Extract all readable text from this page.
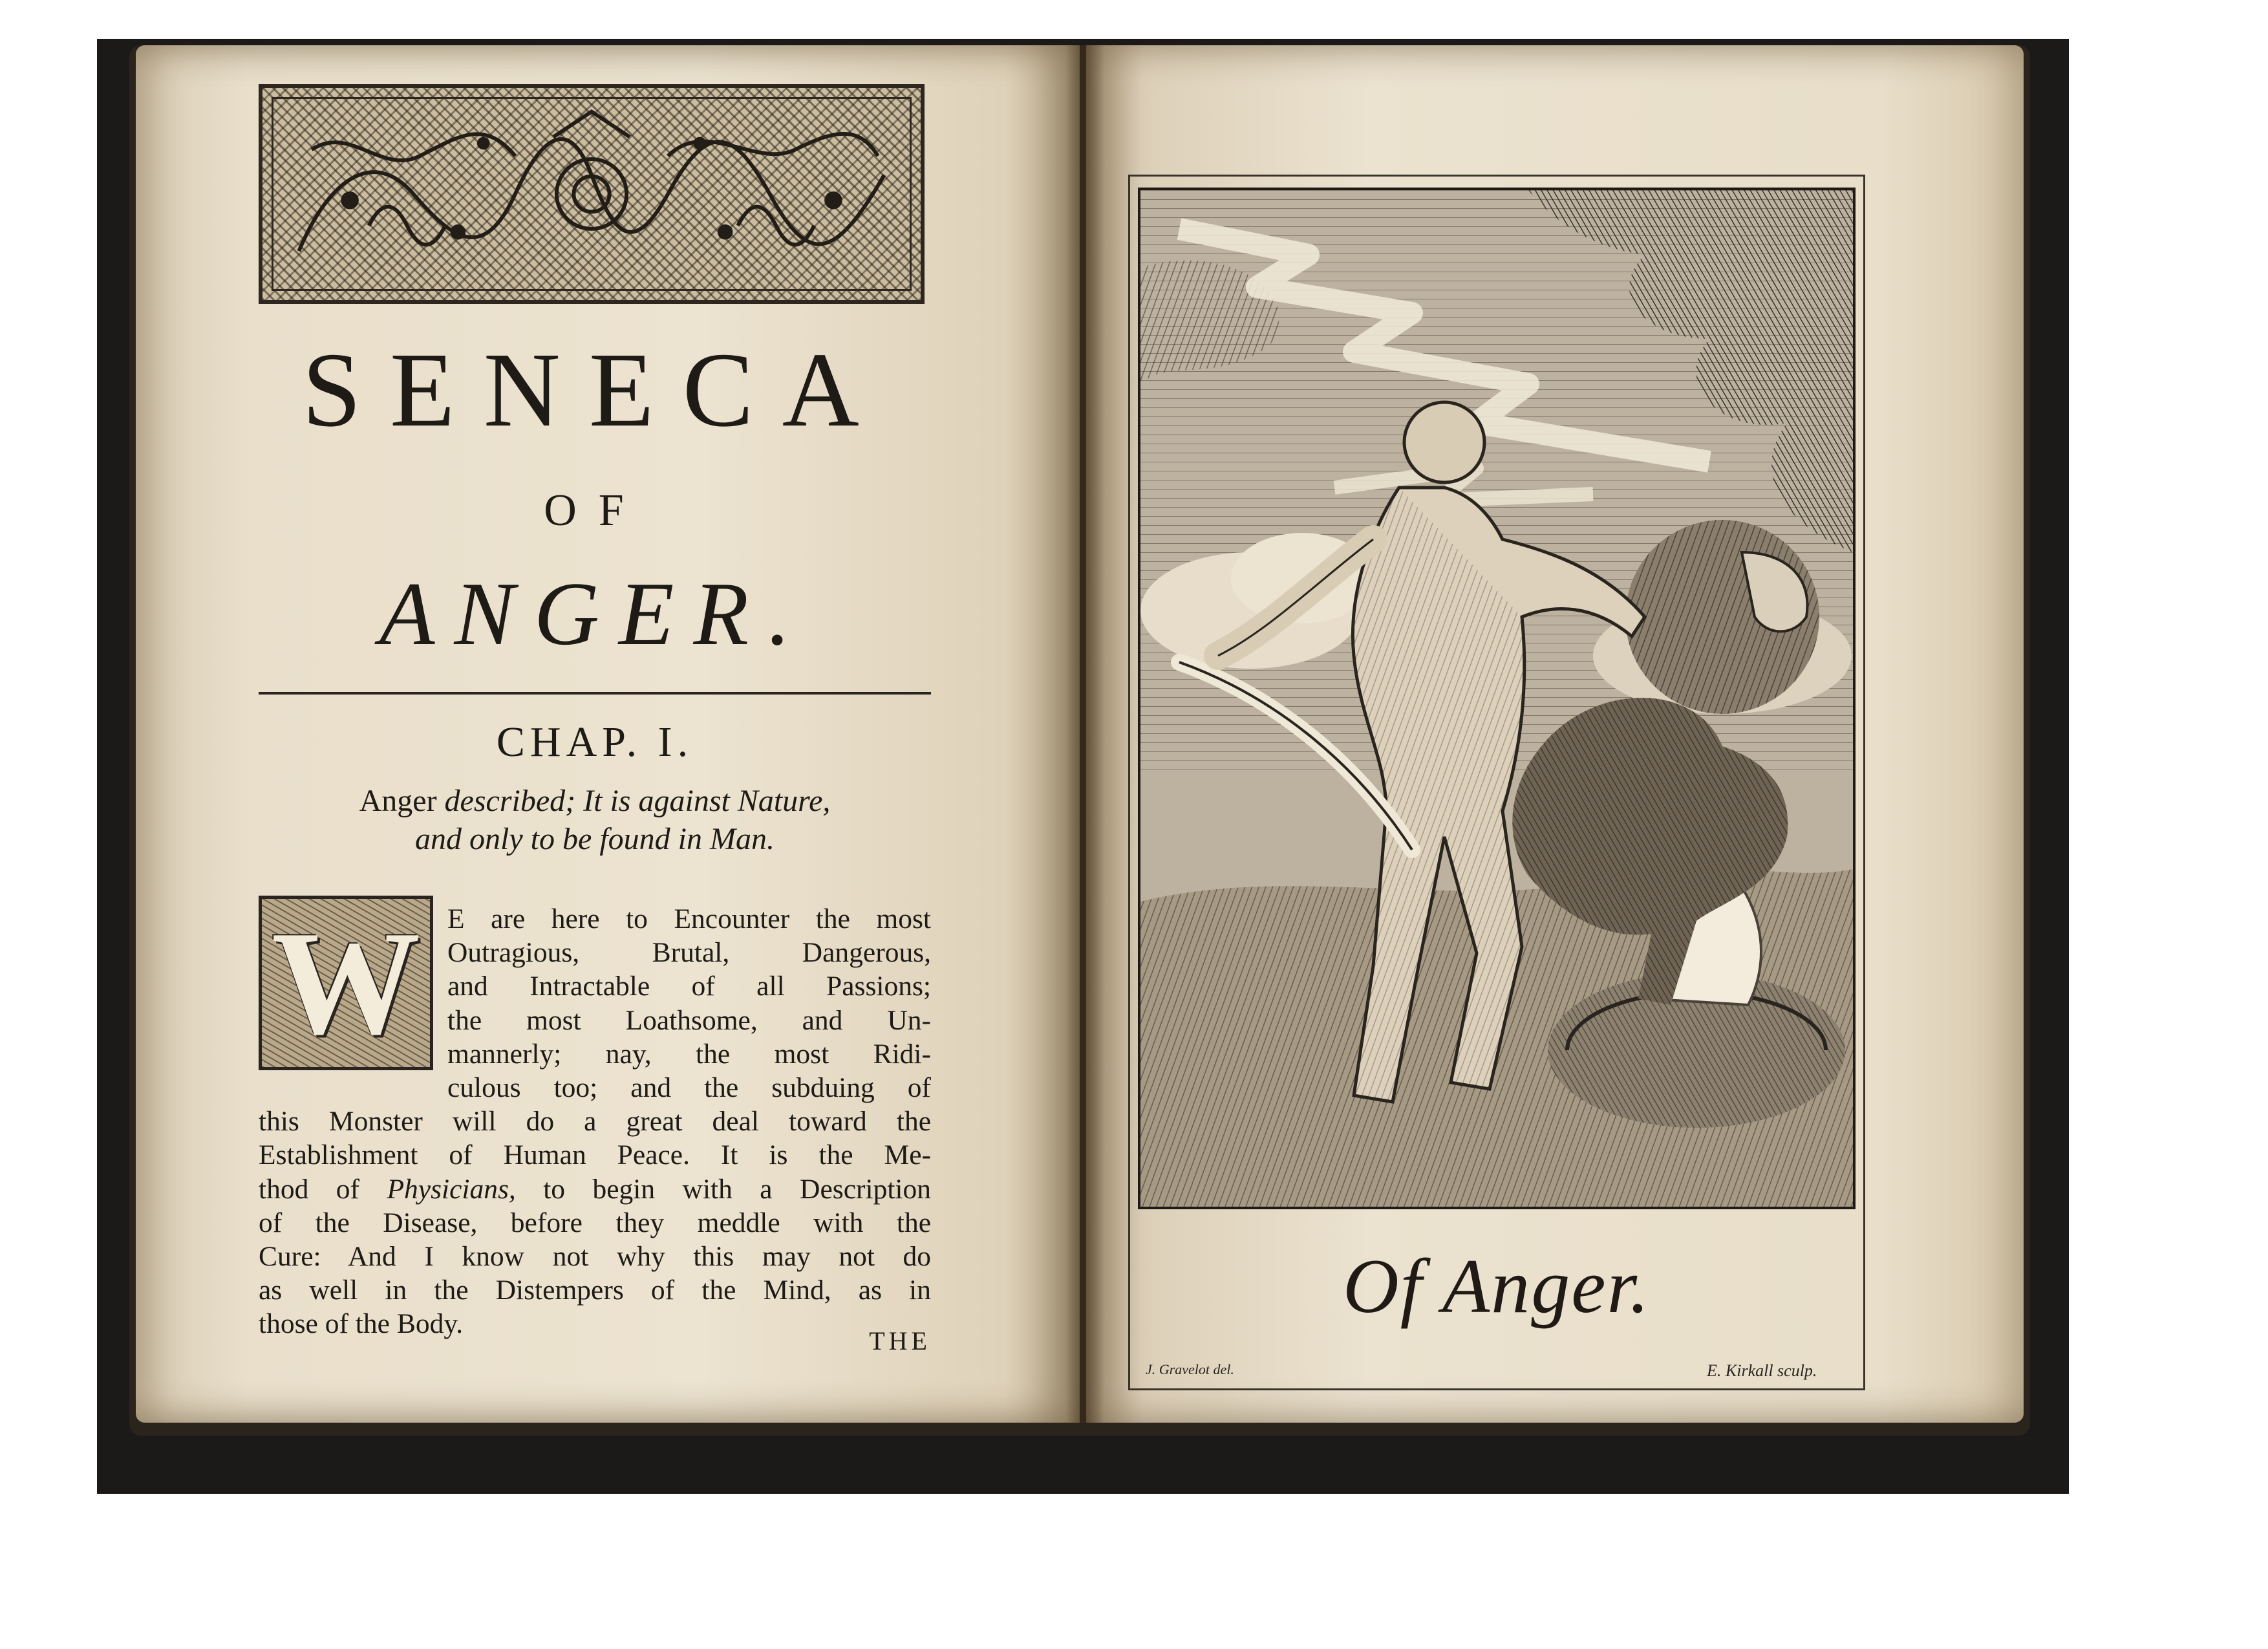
SENECA
OF
ANGER.
CHAP. I.
Anger described; It is against Nature,
and only to be found in Man.
W E are here to Encounter the most
Outragious, Brutal, Dangerous,
and Intractable of all Passions;
the most Loathsome, and Un-
mannerly; nay, the most Ridi-
culous too; and the subduing of
this Monster will do a great deal toward the
Establishment of Human Peace. It is the Me-
thod of Physicians, to begin with a Description
of the Disease, before they meddle with the
Cure: And I know not why this may not do
as well in the Distempers of the Mind, as in
those of the Body.
THE
Of Anger.
J. Gravelot del.	E. Kirkall sculp.
